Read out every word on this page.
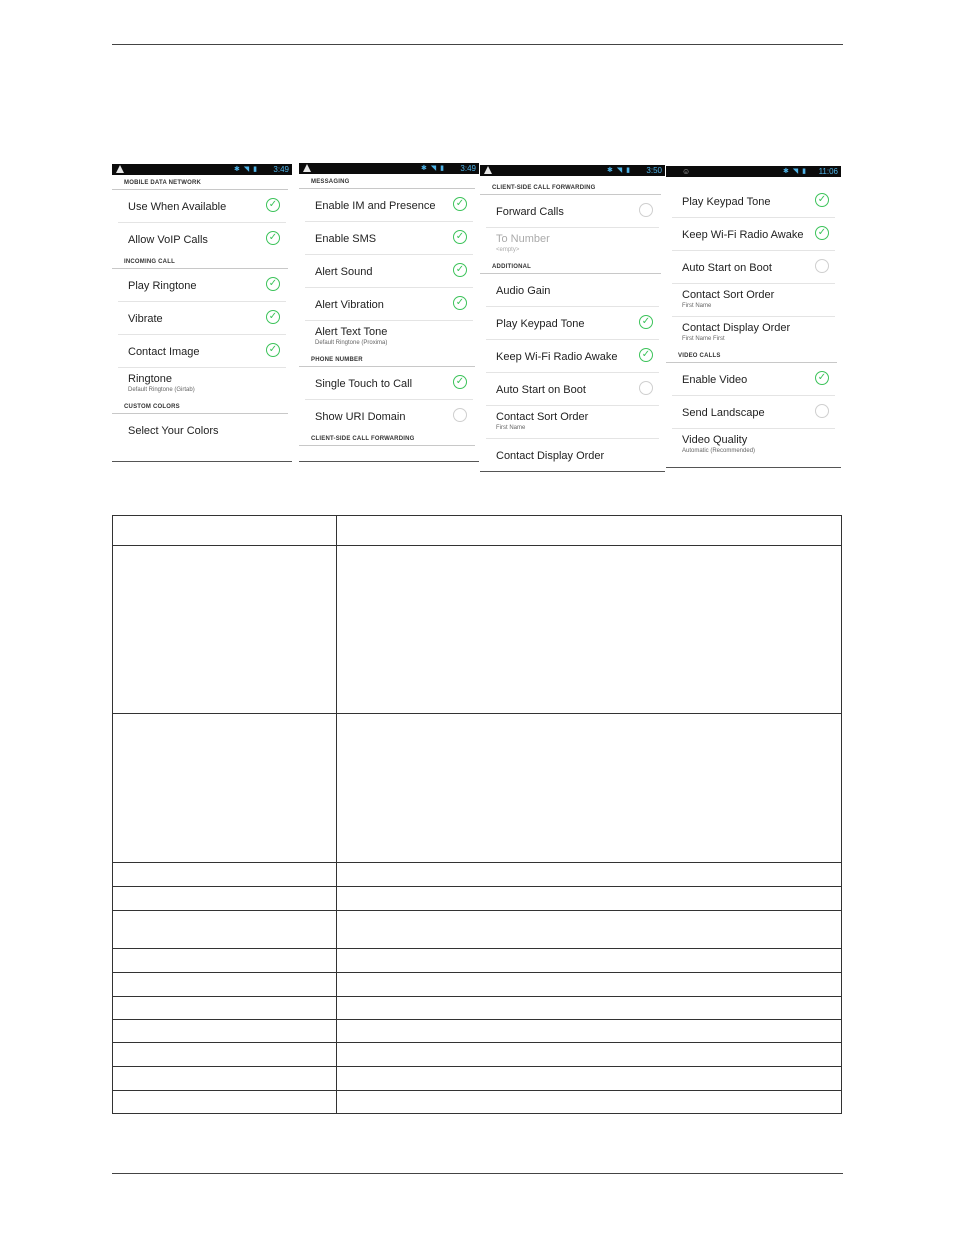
✱ ◥ ▮ 3:49
MOBILE DATA NETWORK
Use When Available	✓
Allow VoIP Calls	✓
INCOMING CALL
Play Ringtone	✓
Vibrate	✓
Contact Image	✓
Ringtone
Default Ringtone (Girtab)
CUSTOM COLORS
Select Your Colors
✱ ◥ ▮ 3:49
MESSAGING
Enable IM and Presence ✓
Enable SMS	✓
Alert Sound	✓
Alert Vibration	✓
Alert Text Tone
Default Ringtone (Proxima)
PHONE NUMBER
Single Touch to Call	✓
Show URI Domain
CLIENT-SIDE CALL FORWARDING
✱ ◥ ▮ 3:50
CLIENT-SIDE CALL FORWARDING
Forward Calls
To Number
<empty>
ADDITIONAL
Audio Gain
Play Keypad Tone	✓
Keep Wi-Fi Radio Awake ✓
Auto Start on Boot
Contact Sort Order
First Name
Contact Display Order
☺	✱ ◥ ▮ 11:06
Play Keypad Tone	✓
Keep Wi-Fi Radio Awake ✓
Auto Start on Boot
Contact Sort Order
First Name
Contact Display Order
First Name First
VIDEO CALLS
Enable Video	✓
Send Landscape
Video Quality
Automatic (Recommended)
